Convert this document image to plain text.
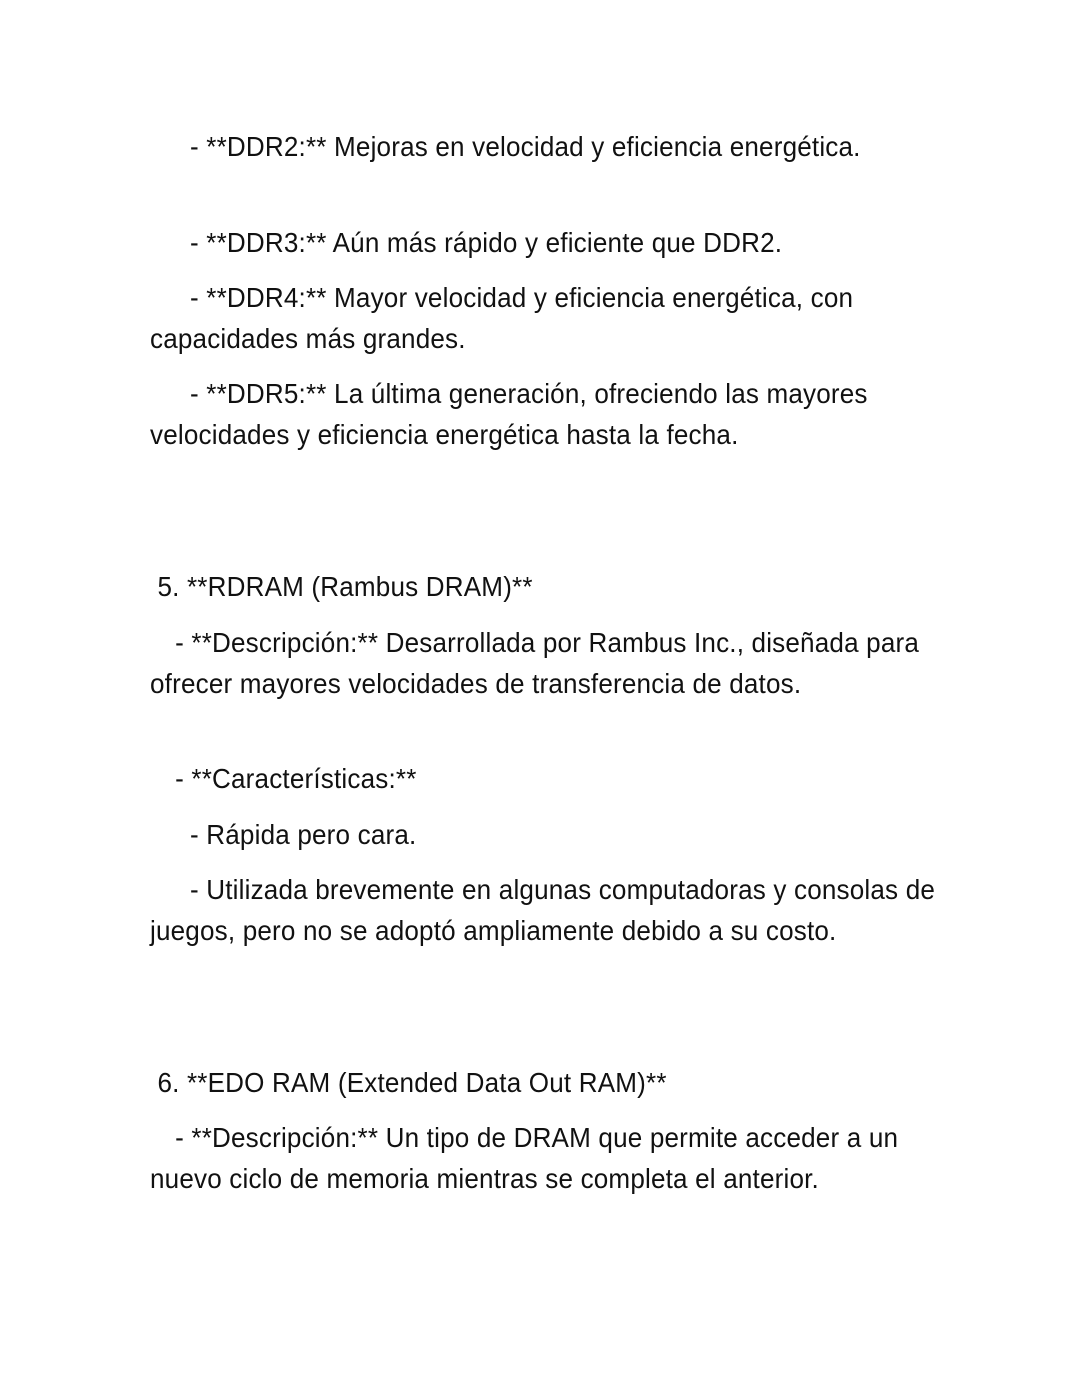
- **DDR2:** Mejoras en velocidad y eficiencia energética.

- **DDR3:** Aún más rápido y eficiente que DDR2.

- **DDR4:** Mayor velocidad y eficiencia energética, con capacidades más grandes.

- **DDR5:** La última generación, ofreciendo las mayores velocidades y eficiencia energética hasta la fecha.

5. **RDRAM (Rambus DRAM)**

- **Descripción:** Desarrollada por Rambus Inc., diseñada para ofrecer mayores velocidades de transferencia de datos.

- **Características:**

- Rápida pero cara.

- Utilizada brevemente en algunas computadoras y consolas de juegos, pero no se adoptó ampliamente debido a su costo.

6. **EDO RAM (Extended Data Out RAM)**

- **Descripción:** Un tipo de DRAM que permite acceder a un nuevo ciclo de memoria mientras se completa el anterior.
